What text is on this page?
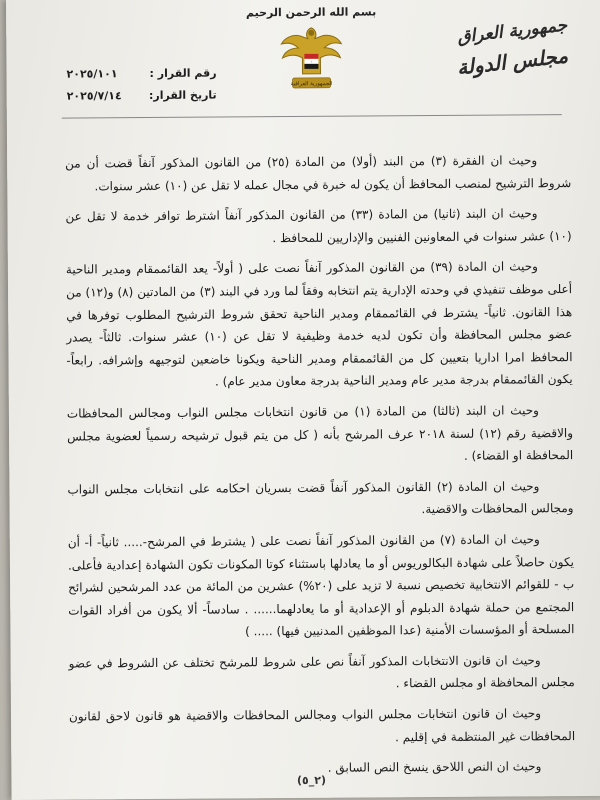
بسم الله الرحمن الرحيم
*
الجمهورية العراقية
جمهورية العراق
مجلس الدولة
رقم القرار :
٢٠٢٥/١٠١
تاريخ القرار:
٢٠٢٥/٧/١٤

وحيث ان الفقرة (٣) من البند (أولا) من المادة (٢٥) من القانون المذكور آنفاً قضت أن من شروط الترشيح لمنصب المحافظ أن يكون له خبرة في مجال عمله لا تقل عن (١٠) عشر سنوات.

وحيث ان البند (ثانيا) من المادة (٣٣) من القانون المذكور آنفاً اشترط توافر خدمة لا تقل عن (١٠) عشر سنوات في المعاونين الفنيين والإداريين للمحافظ .

وحيث ان المادة (٣٩) من القانون المذكور آنفاً نصت على ( أولاً- يعد القائممقام ومدير الناحية أعلى موظف تنفيذي في وحدته الإدارية يتم انتخابه وفقاً لما ورد في البند (٣) من المادتين (٨) و(١٢) من هذا القانون. ثانياً- يشترط في القائممقام ومدير الناحية تحقق شروط الترشيح المطلوب توفرها في عضو مجلس المحافظة وأن تكون لديه خدمة وظيفية لا تقل عن (١٠) عشر سنوات. ثالثاً- يصدر المحافظ امرا اداريا بتعيين كل من القائممقام ومدير الناحية ويكونا خاضعين لتوجيهه وإشرافه. رابعاً- يكون القائممقام بدرجة مدير عام ومدير الناحية بدرجة معاون مدير عام) .

وحيث ان البند (ثالثا) من المادة (١) من قانون انتخابات مجلس النواب ومجالس المحافظات والاقضية رقم (١٢) لسنة ٢٠١٨ عرف المرشح بأنه ( كل من يتم قبول ترشيحه رسمياً لعضوية مجلس المحافظة او القضاء) .

وحيث ان المادة (٢) القانون المذكور آنفاً قضت بسريان احكامه على انتخابات مجلس النواب ومجالس المحافظات والاقضية.

وحيث ان المادة (٧) من القانون المذكور آنفاً نصت على ( يشترط في المرشح-..... ثانياً- أ- أن يكون حاصلاً على شهادة البكالوريوس أو ما يعادلها باستثناء كوتا المكونات تكون الشهادة إعدادية فأعلى. ب - للقوائم الانتخابية تخصيص نسبة لا تزيد على (٢٠%) عشرين من المائة من عدد المرشحين لشرائح المجتمع من حملة شهادة الدبلوم أو الإعدادية أو ما يعادلهما...... . سادساً- ألا يكون من أفراد القوات المسلحة أو المؤسسات الأمنية (عدا الموظفين المدنيين فيها) ..... )

وحيث ان قانون الانتخابات المذكور آنفاً نص على شروط للمرشح تختلف عن الشروط في عضو مجلس المحافظة او مجلس القضاء .

وحيث ان قانون انتخابات مجلس النواب ومجالس المحافظات والاقضية هو قانون لاحق لقانون المحافظات غير المنتظمة في إقليم .

وحيث ان النص اللاحق ينسخ النص السابق .

(٢_٥)
